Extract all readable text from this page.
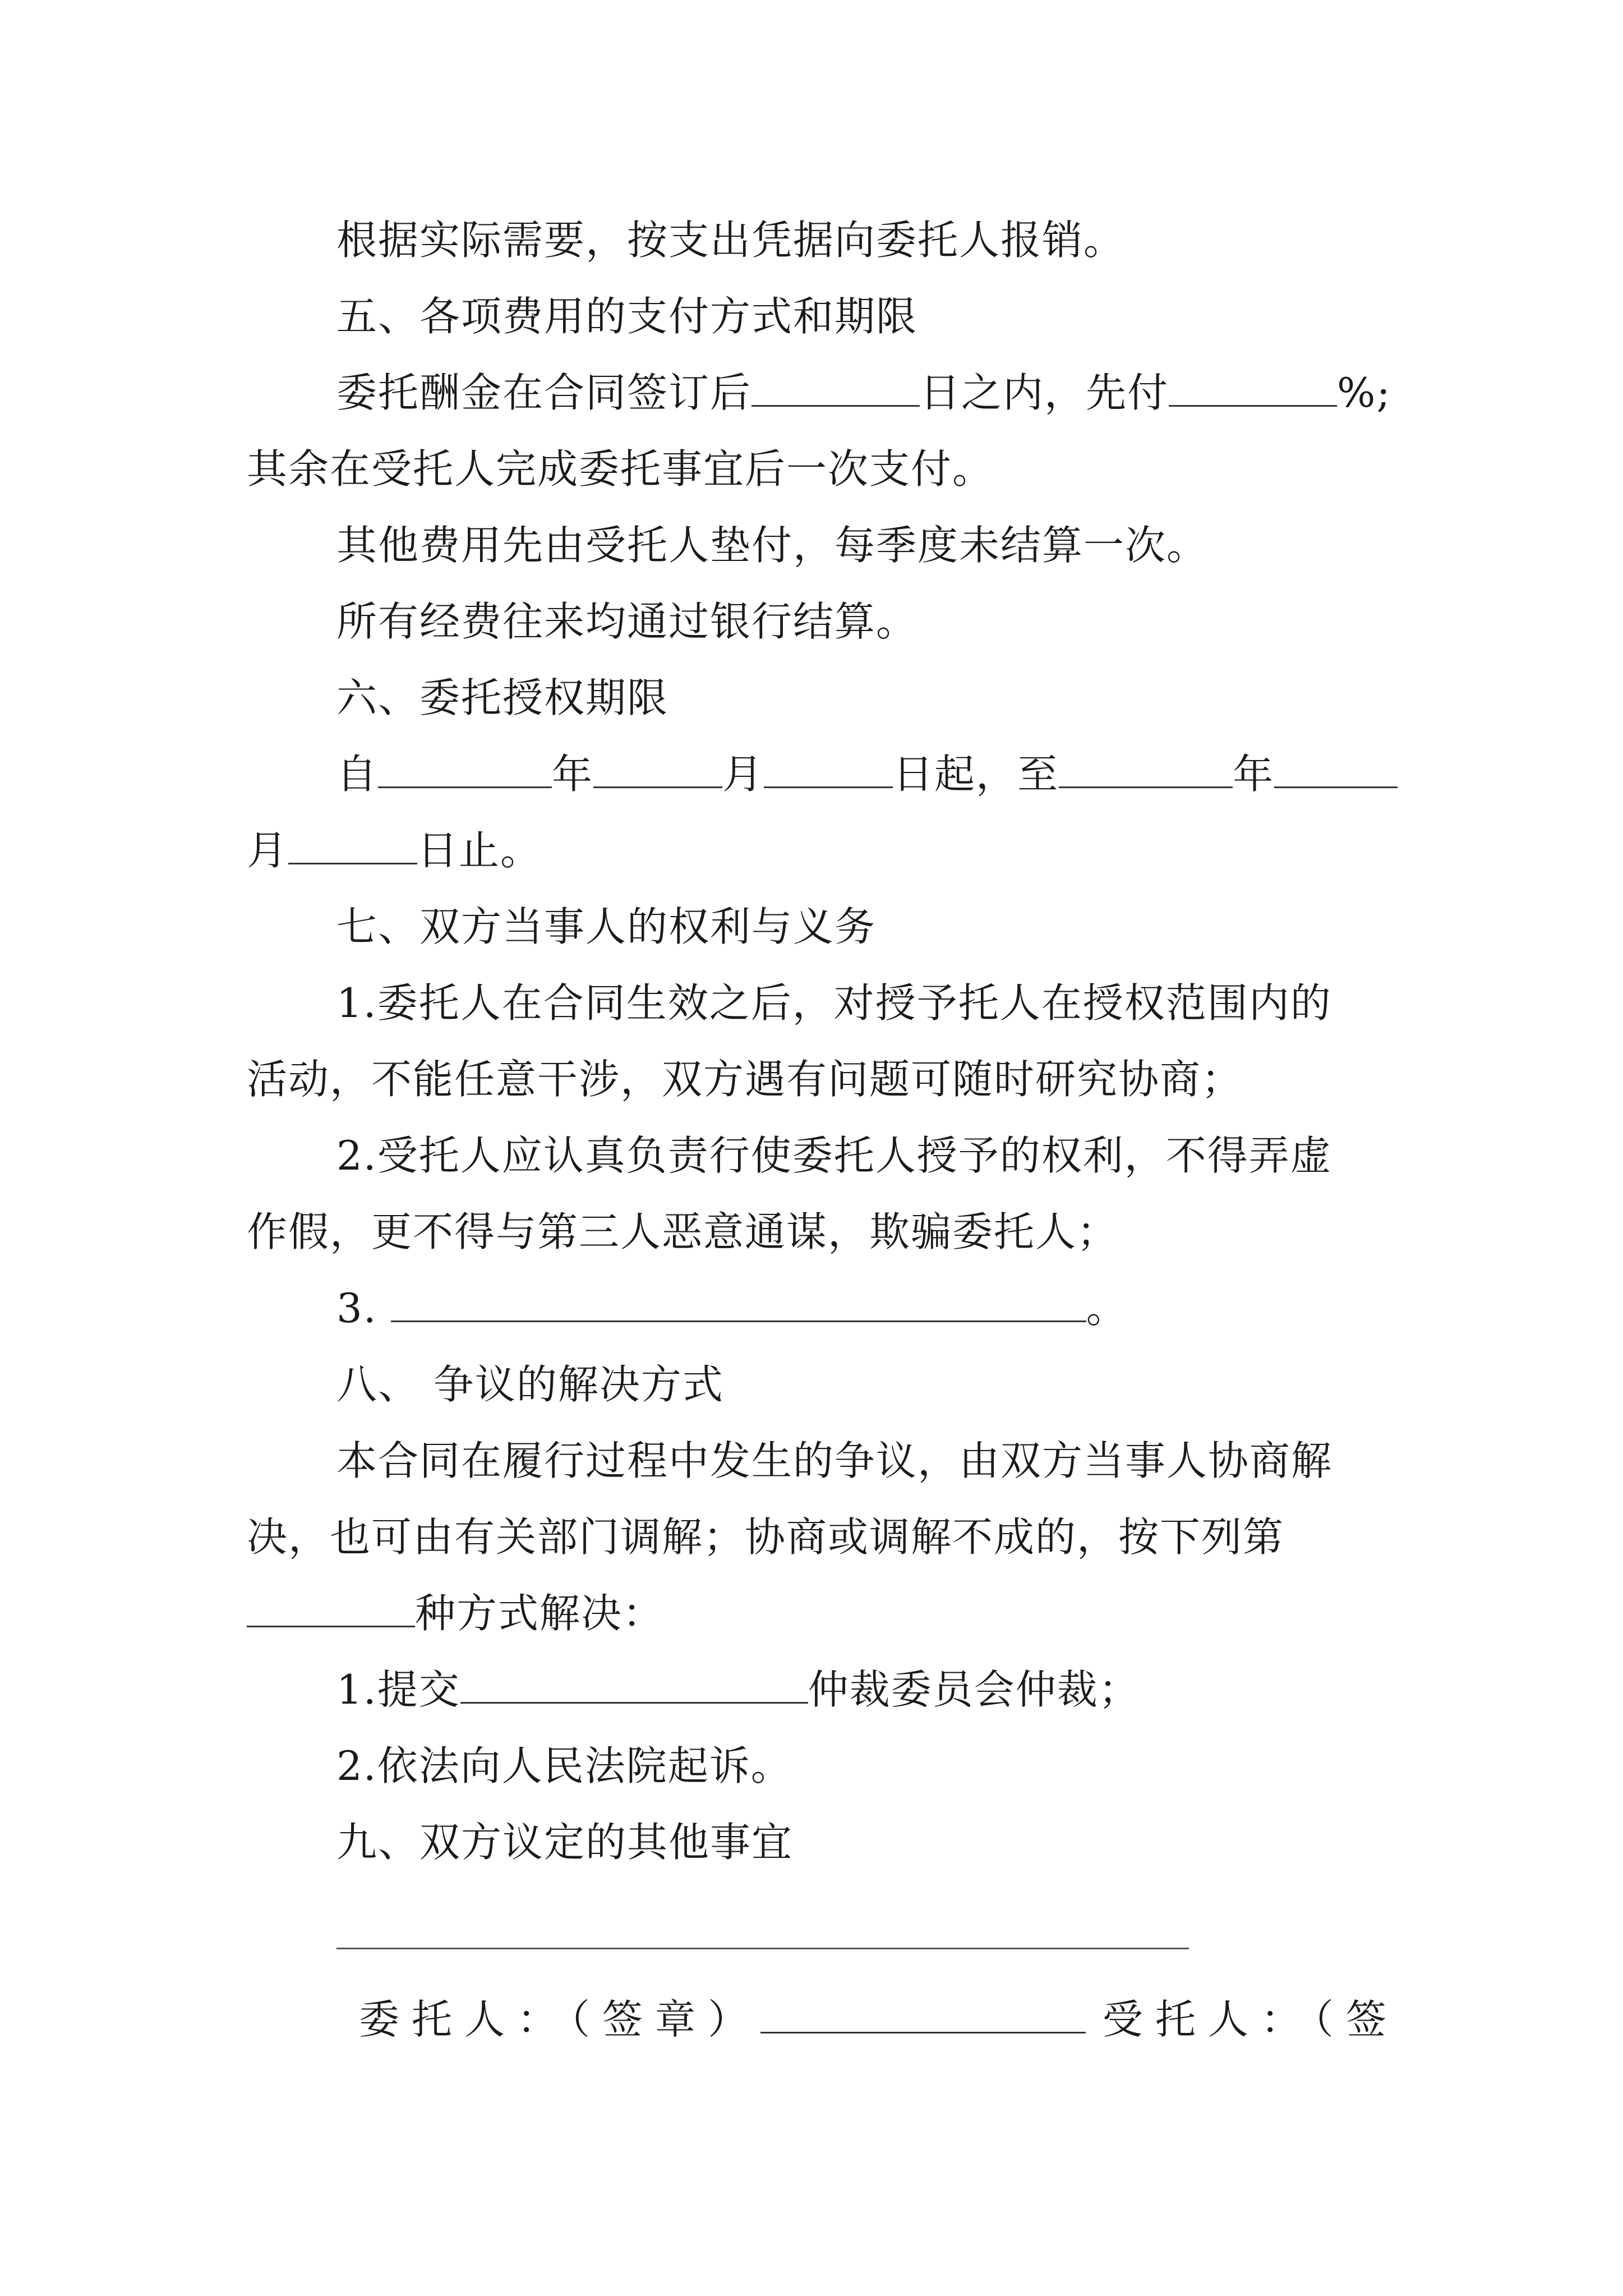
根据实际需要，按支出凭据向委托人报销。
五、各项费用的支付方式和期限
委托酬金在合同签订后	日之内，先付	%;
其余在受托人完成委托事宜后一次支付。
其他费用先由受托人垫付，每季度未结算一次。
所有经费往来均通过银行结算。
六、委托授权期限
自	年	月	日起，至	年
月	日止。
七、双方当事人的权利与义务
1.委托人在合同生效之后，对授予托人在授权范围内的
活动，不能任意干涉，双方遇有问题可随时研究协商；
2.受托人应认真负责行使委托人授予的权利，不得弄虚
作假，更不得与第三人恶意通谋，欺骗委托人；
3.	。
八、 争议的解决方式
本合同在履行过程中发生的争议，由双方当事人协商解
决，也可由有关部门调解；协商或调解不成的，按下列第
种方式解决：
1.提交	仲裁委员会仲裁；
2.依法向人民法院起诉。
九、双方议定的其他事宜
委托人：（签章）	受托人：（签
